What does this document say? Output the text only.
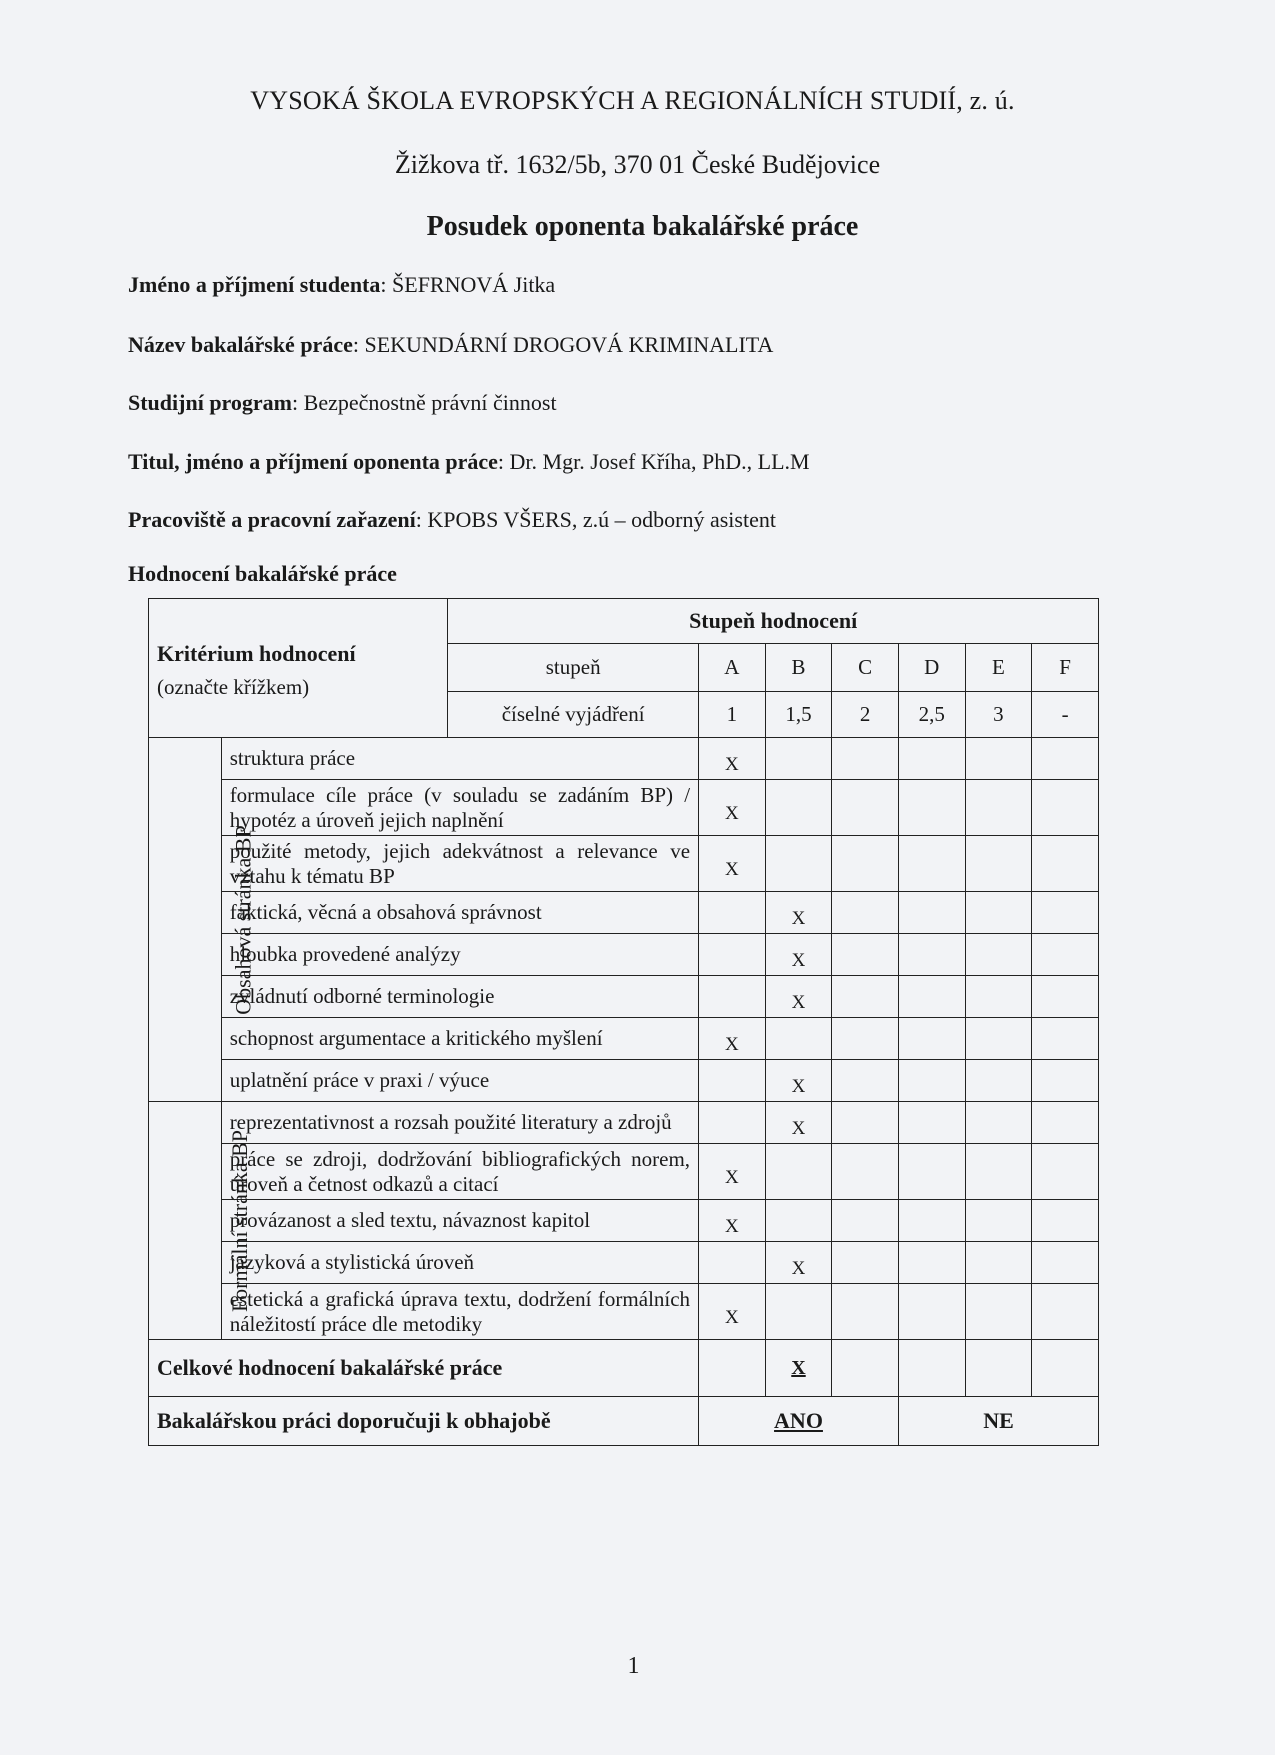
VYSOKÁ ŠKOLA EVROPSKÝCH A REGIONÁLNÍCH STUDIÍ, z. ú.
Žižkova tř. 1632/5b, 370 01 České Budějovice
Posudek oponenta bakalářské práce
Jméno a příjmení studenta: ŠEFRNOVÁ Jitka
Název bakalářské práce: SEKUNDÁRNÍ DROGOVÁ KRIMINALITA
Studijní program: Bezpečnostně právní činnost
Titul, jméno a příjmení oponenta práce: Dr. Mgr. Josef Kříha, PhD., LL.M
Pracoviště a pracovní zařazení: KPOBS VŠERS, z.ú – odborný asistent
Hodnocení bakalářské práce
Kritérium hodnocení
(označte křížkem)		Stupeň hodnocení						
		stupeň	A	B	C	D	E	F
		číselné vyjádření	1	1,5	2	2,5	3	-
Obsahová stránka BP	struktura práce		X					
	formulace cíle práce (v souladu se zadáním BP) / hypotéz a úroveň jejich naplnění		X					
	použité metody, jejich adekvátnost a relevance ve vztahu k tématu BP		X					
	faktická, věcná a obsahová správnost			X				
	hloubka provedené analýzy			X				
	zvládnutí odborné terminologie			X				
	schopnost argumentace a kritického myšlení		X					
	uplatnění práce v praxi / výuce			X				
Formální stránka BP	reprezentativnost a rozsah použité literatury a zdrojů			X				
	práce se zdroji, dodržování bibliografických norem, úroveň a četnost odkazů a citací		X					
	provázanost a sled textu, návaznost kapitol		X					
	jazyková a stylistická úroveň			X				
	estetická a grafická úprava textu, dodržení formálních náležitostí práce dle metodiky		X					
Celkové hodnocení bakalářské práce				X				
Bakalářskou práci doporučuji k obhajobě			ANO			NE		
1
